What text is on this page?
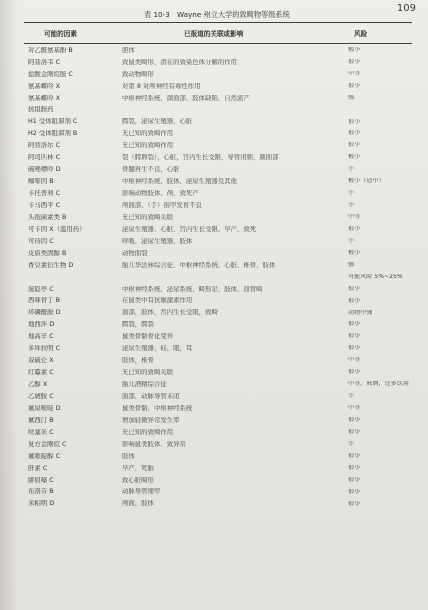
109
表 10-3　Wayne 州立大学的致畸物等级系统
可能的因素	已报道的关联或影响	风险
对乙酰氨基酚 B	胆体	极小
阿昔洛韦 C	致鼠类畸形，潜在的致染色体分解的作用	很小
盐酸金刚烷胺 C	致动物畸形	中等
氨基蝶呤 X	对第 8 对颅神经有毒性作用	很小
氨基蝶呤 X	中枢神经系统，颜面部，肢体缺陷，自然流产	强
抗组胺药
H1 受体阻滞剂 C	腭裂，泌尿生殖器，心脏	很小
H2 受体阻滞剂 B	无已知的致畸作用	很小
阿替洛尔 C	无已知的致畸作用	很小
阿司匹林 C	裂（腭唇裂），心脏，宫内生长受限，导管闭锁，颜面部	极小
硫唑嘌呤 D	骨髓再生不良，心脏	小
咖啡因 B	中枢神经系统，肢体，泌尿生殖器及其他	极小（适中）
卡托普利 C	影响动物肢体，颅，致死产	小
卡马西平 C	颅面部，（手）指甲发育不良	小
头孢菌素类 B	无已知的致畸关联	中等
可卡因 X（滥用药）	泌尿生殖器，心脏，宫内生长受限，早产，致死	很小
可待因 C	呼吸，泌尿生殖器，肢体	小
皮质类固醇 B	动物面裂	极小
香豆素衍生物 D	胎儿华法林综合征，中枢神经系统，心脏，椎骨，肢体	强
可能风险 5%~25%
溴隐亭 C	中枢神经系统，泌尿系统，畸形足，肢体，皿管畸	很小
西咪替丁 B	在鼠类中有抗雄激素作用	很小
环磷酰胺 D	面部，肢体，宫内生长受限，致畸	动物中强
地西泮 D	腭裂，腭裂	很小
地高辛 C	鼠类骨骼骨化变异	很小
多库拉明 C	泌尿生殖器，疝，眼，耳	很小
双硫仑 X	肢体，椎骨	中等
红霉素 C	无已知的致畸关联	很小
乙醇 X	胎儿酒精综合征	中等，戒酒，过多饮用
乙琥胺 C	面部，动脉导管未闭	小
氟尿嘧啶 D	鼠类骨骼，中枢神经系统	中等
氟西汀 B	增加轻微异常发生率	很小
呋塞米 C	无已知的致畸作用	很小
复方金刚烷 C	影响鼠类肢体，致异常	小
氟哌啶醇 C	肢体	很小
肝素 C	早产，死胎	很小
肼屈嗪 C	致心脏畸形	很小
布洛芬 B	动脉导管缩窄	很小
米帕明 D	颅面，肢体	很小
